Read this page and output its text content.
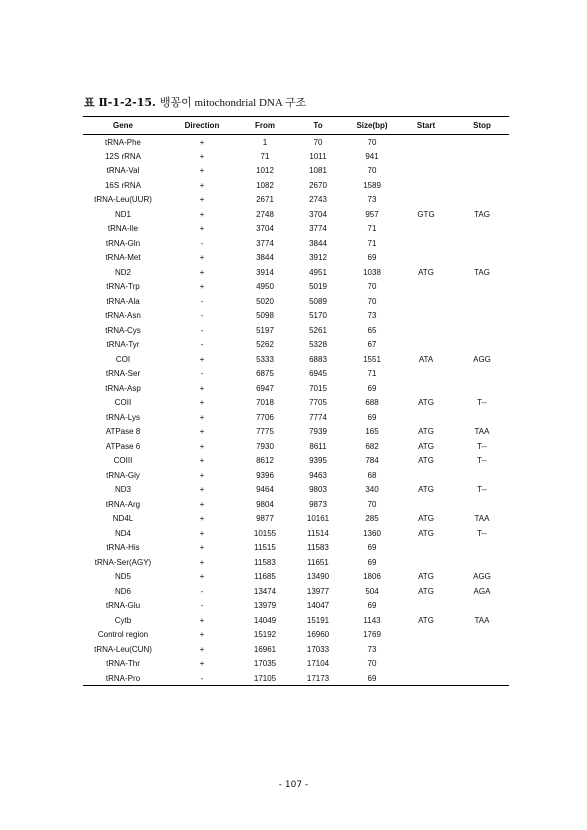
표 Ⅱ-1-2-15. 뱅꽁이 mitochondrial DNA 구조
Gene	Direction	From	To	Size(bp)	Start	Stop
tRNA-Phe	+	1	70	70		
12S rRNA	+	71	1011	941		
tRNA-Val	+	1012	1081	70		
16S rRNA	+	1082	2670	1589		
tRNA-Leu(UUR)	+	2671	2743	73		
ND1	+	2748	3704	957	GTG	TAG
tRNA-Ile	+	3704	3774	71		
tRNA-Gln	-	3774	3844	71		
tRNA-Met	+	3844	3912	69		
ND2	+	3914	4951	1038	ATG	TAG
tRNA-Trp	+	4950	5019	70		
tRNA-Ala	-	5020	5089	70		
tRNA-Asn	-	5098	5170	73		
tRNA-Cys	-	5197	5261	65		
tRNA-Tyr	-	5262	5328	67		
COI	+	5333	6883	1551	ATA	AGG
tRNA-Ser	-	6875	6945	71		
tRNA-Asp	+	6947	7015	69		
COII	+	7018	7705	688	ATG	T--
tRNA-Lys	+	7706	7774	69		
ATPase 8	+	7775	7939	165	ATG	TAA
ATPase 6	+	7930	8611	682	ATG	T--
COIII	+	8612	9395	784	ATG	T--
tRNA-Gly	+	9396	9463	68		
ND3	+	9464	9803	340	ATG	T--
tRNA-Arg	+	9804	9873	70		
ND4L	+	9877	10161	285	ATG	TAA
ND4	+	10155	11514	1360	ATG	T--
tRNA-His	+	11515	11583	69		
tRNA-Ser(AGY)	+	11583	11651	69		
ND5	+	11685	13490	1806	ATG	AGG
ND6	-	13474	13977	504	ATG	AGA
tRNA-Glu	-	13979	14047	69		
Cytb	+	14049	15191	1143	ATG	TAA
Control region	+	15192	16960	1769		
tRNA-Leu(CUN)	+	16961	17033	73		
tRNA-Thr	+	17035	17104	70		
tRNA-Pro	-	17105	17173	69		
- 107 -
